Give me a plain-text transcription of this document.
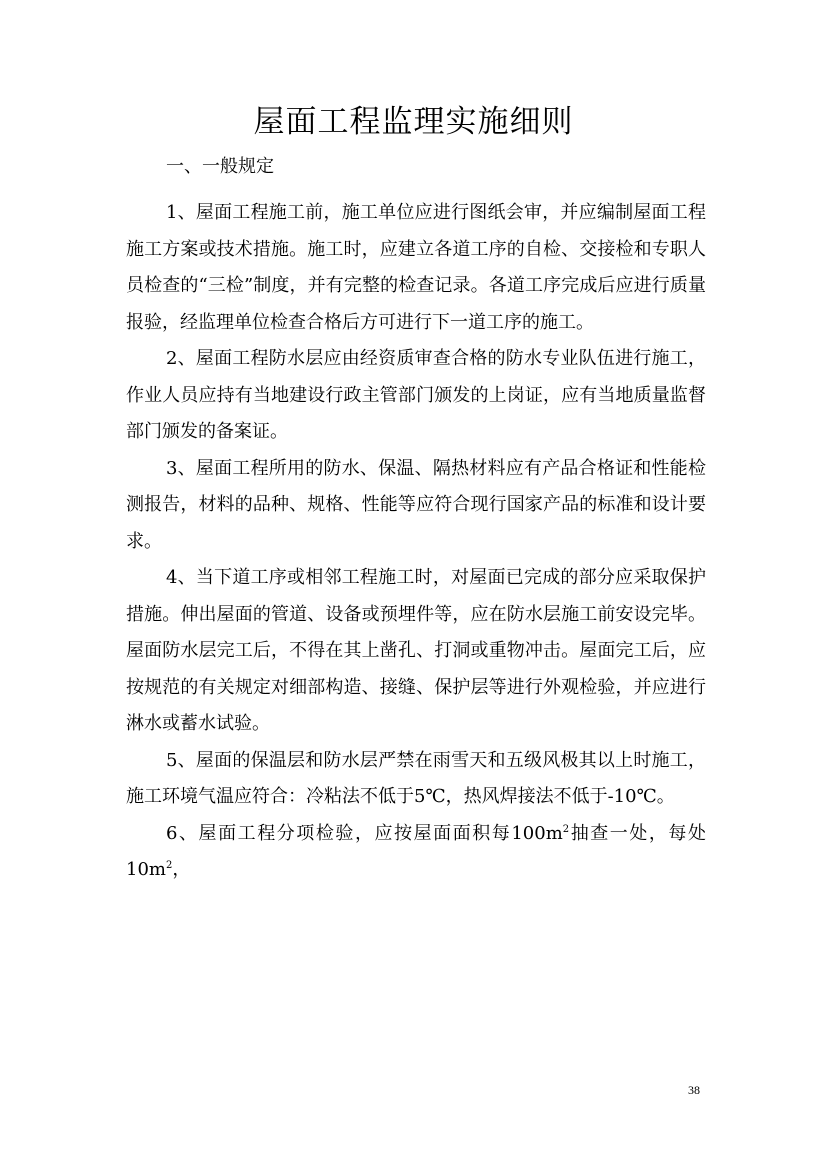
屋面工程监理实施细则
一、一般规定

1、屋面工程施工前，施工单位应进行图纸会审，并应编制屋面工程施工方案或技术措施。施工时，应建立各道工序的自检、交接检和专职人员检查的“三检”制度，并有完整的检查记录。各道工序完成后应进行质量报验，经监理单位检查合格后方可进行下一道工序的施工。

2、屋面工程防水层应由经资质审查合格的防水专业队伍进行施工，作业人员应持有当地建设行政主管部门颁发的上岗证，应有当地质量监督部门颁发的备案证。

3、屋面工程所用的防水、保温、隔热材料应有产品合格证和性能检测报告，材料的品种、规格、性能等应符合现行国家产品的标准和设计要求。

4、当下道工序或相邻工程施工时，对屋面已完成的部分应采取保护措施。伸出屋面的管道、设备或预埋件等，应在防水层施工前安设完毕。屋面防水层完工后，不得在其上凿孔、打洞或重物冲击。屋面完工后，应按规范的有关规定对细部构造、接缝、保护层等进行外观检验，并应进行淋水或蓄水试验。

5、屋面的保温层和防水层严禁在雨雪天和五级风极其以上时施工，施工环境气温应符合：冷粘法不低于5℃，热风焊接法不低于-10℃。

6、屋面工程分项检验，应按屋面面积每$100m^2$抽查一处，每处$10m^2$，

38
